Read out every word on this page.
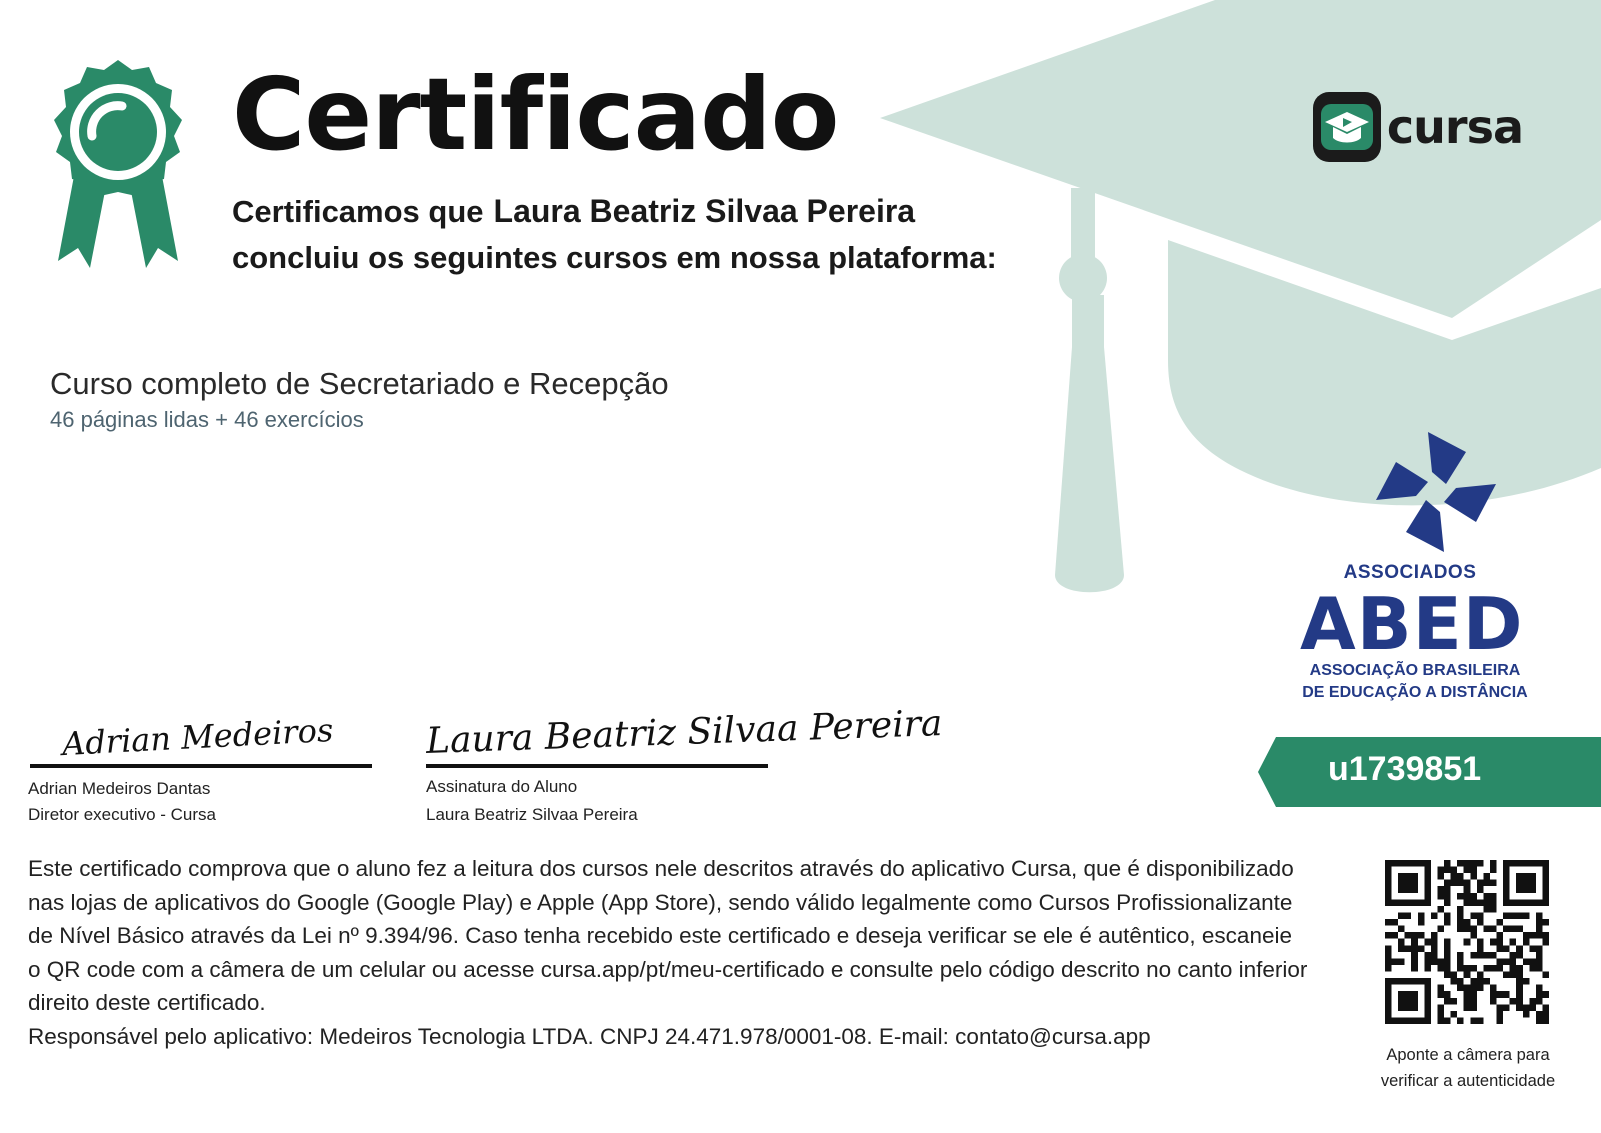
Certificado
Certificamos que Laura Beatriz Silvaa Pereira
concluiu os seguintes cursos em nossa plataforma:
Curso completo de Secretariado e Recepção
46 páginas lidas + 46 exercícios
cursa
ASSOCIADOS
ABED
ASSOCIAÇÃO BRASILEIRA
DE EDUCAÇÃO A DISTÂNCIA
u1739851
Adrian Medeiros
Adrian Medeiros Dantas
Diretor executivo - Cursa
Laura Beatriz Silvaa Pereira
Assinatura do Aluno
Laura Beatriz Silvaa Pereira
Este certificado comprova que o aluno fez a leitura dos cursos nele descritos através do aplicativo Cursa, que é disponibilizado nas lojas de aplicativos do Google (Google Play) e Apple (App Store), sendo válido legalmente como Cursos Profissionalizante de Nível Básico através da Lei nº 9.394/96. Caso tenha recebido este certificado e deseja verificar se ele é autêntico, escaneie o QR code com a câmera de um celular ou acesse cursa.app/pt/meu-certificado e consulte pelo código descrito no canto inferior direito deste certificado.
Responsável pelo aplicativo: Medeiros Tecnologia LTDA. CNPJ 24.471.978/0001-08. E-mail: contato@cursa.app
Aponte a câmera para
verificar a autenticidade
